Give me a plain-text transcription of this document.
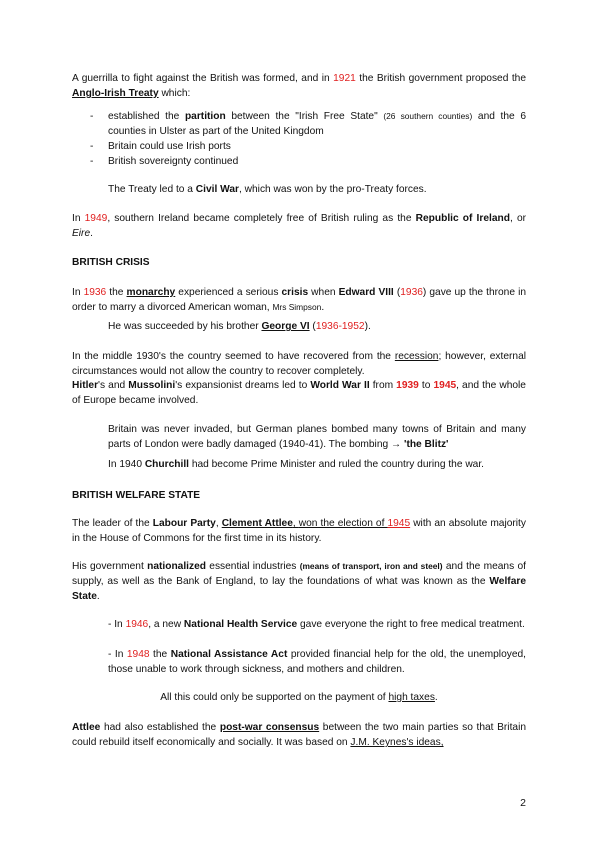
A guerrilla to fight against the British was formed, and in 1921 the British government proposed the Anglo-Irish Treaty which:

- established the partition between the "Irish Free State" (26 southern counties) and the 6 counties in Ulster as part of the United Kingdom
- Britain could use Irish ports
- British sovereignty continued

The Treaty led to a Civil War, which was won by the pro-Treaty forces.

In 1949, southern Ireland became completely free of British ruling as the Republic of Ireland, or Eire.

BRITISH CRISIS

In 1936 the monarchy experienced a serious crisis when Edward VIII (1936) gave up the throne in order to marry a divorced American woman, Mrs Simpson.

He was succeeded by his brother George VI (1936-1952).

In the middle 1930's the country seemed to have recovered from the recession; however, external circumstances would not allow the country to recover completely.

Hitler's and Mussolini's expansionist dreams led to World War II from 1939 to 1945, and the whole of Europe became involved.

Britain was never invaded, but German planes bombed many towns of Britain and many parts of London were badly damaged (1940-41). The bombing → 'the Blitz'

In 1940 Churchill had become Prime Minister and ruled the country during the war.

BRITISH WELFARE STATE

The leader of the Labour Party, Clement Attlee, won the election of 1945 with an absolute majority in the House of Commons for the first time in its history.

His government nationalized essential industries (means of transport, iron and steel) and the means of supply, as well as the Bank of England, to lay the foundations of what was known as the Welfare State.

- In 1946, a new National Health Service gave everyone the right to free medical treatment.

- In 1948 the National Assistance Act provided financial help for the old, the unemployed, those unable to work through sickness, and mothers and children.

All this could only be supported on the payment of high taxes.

Attlee had also established the post-war consensus between the two main parties so that Britain could rebuild itself economically and socially. It was based on J.M. Keynes's ideas,

2
